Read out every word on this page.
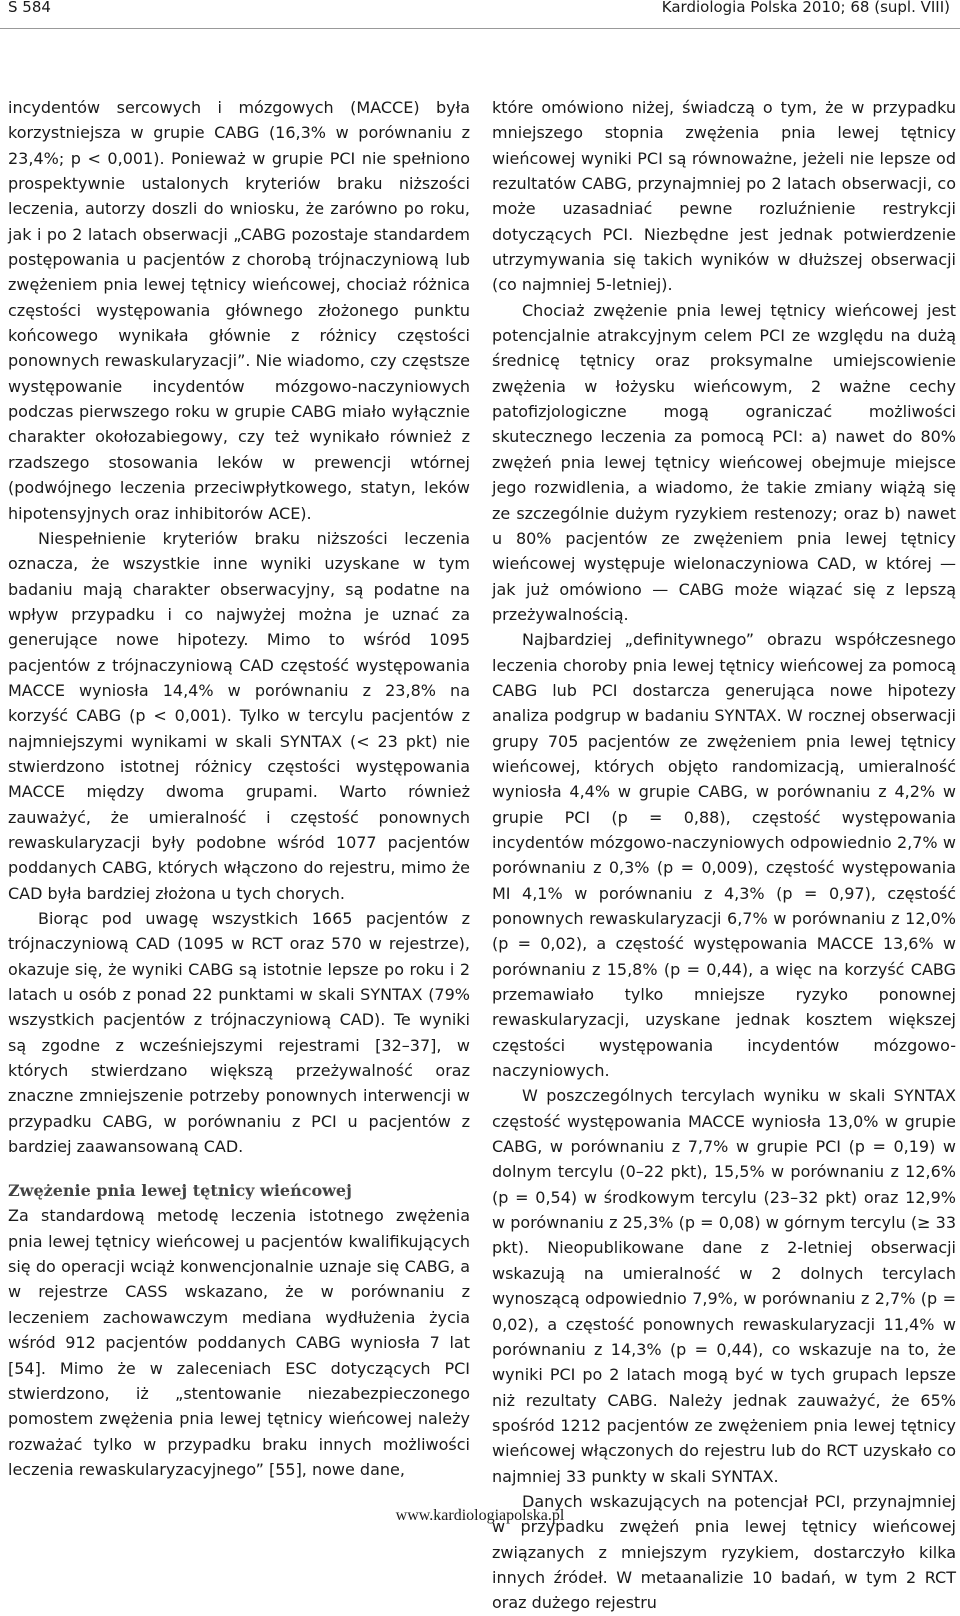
S 584	Kardiologia Polska 2010; 68 (supl. VIII)

incydentów sercowych i mózgowych (MACCE) była korzystniejsza w grupie CABG (16,3% w porównaniu z 23,4%; p < 0,001). Ponieważ w grupie PCI nie spełniono prospektywnie ustalonych kryteriów braku niższości leczenia, autorzy doszli do wniosku, że zarówno po roku, jak i po 2 latach obserwacji „CABG pozostaje standardem postępowania u pacjentów z chorobą trójnaczyniową lub zwężeniem pnia lewej tętnicy wieńcowej, chociaż różnica częstości występowania głównego złożonego punktu końcowego wynikała głównie z różnicy częstości ponownych rewaskularyzacji”. Nie wiadomo, czy częstsze występowanie incydentów mózgowo-naczyniowych podczas pierwszego roku w grupie CABG miało wyłącznie charakter okołozabiegowy, czy też wynikało również z rzadszego stosowania leków w prewencji wtórnej (podwójnego leczenia przeciwpłytkowego, statyn, leków hipotensyjnych oraz inhibitorów ACE).

Niespełnienie kryteriów braku niższości leczenia oznacza, że wszystkie inne wyniki uzyskane w tym badaniu mają charakter obserwacyjny, są podatne na wpływ przypadku i co najwyżej można je uznać za generujące nowe hipotezy. Mimo to wśród 1095 pacjentów z trójnaczyniową CAD częstość występowania MACCE wyniosła 14,4% w porównaniu z 23,8% na korzyść CABG (p < 0,001). Tylko w tercylu pacjentów z najmniejszymi wynikami w skali SYNTAX (< 23 pkt) nie stwierdzono istotnej różnicy częstości występowania MACCE między dwoma grupami. Warto również zauważyć, że umieralność i częstość ponownych rewaskularyzacji były podobne wśród 1077 pacjentów poddanych CABG, których włączono do rejestru, mimo że CAD była bardziej złożona u tych chorych.

Biorąc pod uwagę wszystkich 1665 pacjentów z trójnaczyniową CAD (1095 w RCT oraz 570 w rejestrze), okazuje się, że wyniki CABG są istotnie lepsze po roku i 2 latach u osób z ponad 22 punktami w skali SYNTAX (79% wszystkich pacjentów z trójnaczyniową CAD). Te wyniki są zgodne z wcześniejszymi rejestrami [32–37], w których stwierdzano większą przeżywalność oraz znaczne zmniejszenie potrzeby ponownych interwencji w przypadku CABG, w porównaniu z PCI u pacjentów z bardziej zaawansowaną CAD.

Zwężenie pnia lewej tętnicy wieńcowej

Za standardową metodę leczenia istotnego zwężenia pnia lewej tętnicy wieńcowej u pacjentów kwalifikujących się do operacji wciąż konwencjonalnie uznaje się CABG, a w rejestrze CASS wskazano, że w porównaniu z leczeniem zachowawczym mediana wydłużenia życia wśród 912 pacjentów poddanych CABG wyniosła 7 lat [54]. Mimo że w zaleceniach ESC dotyczących PCI stwierdzono, iż „stentowanie niezabezpieczonego pomostem zwężenia pnia lewej tętnicy wieńcowej należy rozważać tylko w przypadku braku innych możliwości leczenia rewaskularyzacyjnego” [55], nowe dane,

które omówiono niżej, świadczą o tym, że w przypadku mniejszego stopnia zwężenia pnia lewej tętnicy wieńcowej wyniki PCI są równoważne, jeżeli nie lepsze od rezultatów CABG, przynajmniej po 2 latach obserwacji, co może uzasadniać pewne rozluźnienie restrykcji dotyczących PCI. Niezbędne jest jednak potwierdzenie utrzymywania się takich wyników w dłuższej obserwacji (co najmniej 5-letniej).

Chociaż zwężenie pnia lewej tętnicy wieńcowej jest potencjalnie atrakcyjnym celem PCI ze względu na dużą średnicę tętnicy oraz proksymalne umiejscowienie zwężenia w łożysku wieńcowym, 2 ważne cechy patofizjologiczne mogą ograniczać możliwości skutecznego leczenia za pomocą PCI: a) nawet do 80% zwężeń pnia lewej tętnicy wieńcowej obejmuje miejsce jego rozwidlenia, a wiadomo, że takie zmiany wiążą się ze szczególnie dużym ryzykiem restenozy; oraz b) nawet u 80% pacjentów ze zwężeniem pnia lewej tętnicy wieńcowej występuje wielonaczyniowa CAD, w której — jak już omówiono — CABG może wiązać się z lepszą przeżywalnością.

Najbardziej „definitywnego” obrazu współczesnego leczenia choroby pnia lewej tętnicy wieńcowej za pomocą CABG lub PCI dostarcza generująca nowe hipotezy analiza podgrup w badaniu SYNTAX. W rocznej obserwacji grupy 705 pacjentów ze zwężeniem pnia lewej tętnicy wieńcowej, których objęto randomizacją, umieralność wyniosła 4,4% w grupie CABG, w porównaniu z 4,2% w grupie PCI (p = 0,88), częstość występowania incydentów mózgowo-naczyniowych odpowiednio 2,7% w porównaniu z 0,3% (p = 0,009), częstość występowania MI 4,1% w porównaniu z 4,3% (p = 0,97), częstość ponownych rewaskularyzacji 6,7% w porównaniu z 12,0% (p = 0,02), a częstość występowania MACCE 13,6% w porównaniu z 15,8% (p = 0,44), a więc na korzyść CABG przemawiało tylko mniejsze ryzyko ponownej rewaskularyzacji, uzyskane jednak kosztem większej częstości występowania incydentów mózgowo-naczyniowych.

W poszczególnych tercylach wyniku w skali SYNTAX częstość występowania MACCE wyniosła 13,0% w grupie CABG, w porównaniu z 7,7% w grupie PCI (p = 0,19) w dolnym tercylu (0–22 pkt), 15,5% w porównaniu z 12,6% (p = 0,54) w środkowym tercylu (23–32 pkt) oraz 12,9% w porównaniu z 25,3% (p = 0,08) w górnym tercylu (≥ 33 pkt). Nieopublikowane dane z 2-letniej obserwacji wskazują na umieralność w 2 dolnych tercylach wynoszącą odpowiednio 7,9%, w porównaniu z 2,7% (p = 0,02), a częstość ponownych rewaskularyzacji 11,4% w porównaniu z 14,3% (p = 0,44), co wskazuje na to, że wyniki PCI po 2 latach mogą być w tych grupach lepsze niż rezultaty CABG. Należy jednak zauważyć, że 65% spośród 1212 pacjentów ze zwężeniem pnia lewej tętnicy wieńcowej włączonych do rejestru lub do RCT uzyskało co najmniej 33 punkty w skali SYNTAX.

Danych wskazujących na potencjał PCI, przynajmniej w przypadku zwężeń pnia lewej tętnicy wieńcowej związanych z mniejszym ryzykiem, dostarczyło kilka innych źródeł. W metaanalizie 10 badań, w tym 2 RCT oraz dużego rejestru

www.kardiologiapolska.pl
